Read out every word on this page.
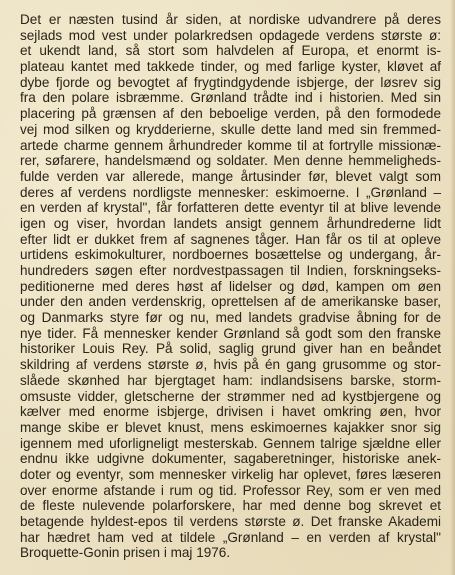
Det er næsten tusind år siden, at nordiske udvandrere på deres
sejlads mod vest under polarkredsen opdagede verdens største ø:
et ukendt land, så stort som halvdelen af Europa, et enormt is-
plateau kantet med takkede tinder, og med farlige kyster, kløvet af
dybe fjorde og bevogtet af frygtindgydende isbjerge, der løsrev sig
fra den polare isbræmme. Grønland trådte ind i historien. Med sin
placering på grænsen af den beboelige verden, på den formodede
vej mod silken og krydderierne, skulle dette land med sin fremmed-
artede charme gennem århundreder komme til at fortrylle missionæ-
rer, søfarere, handelsmænd og soldater. Men denne hemmeligheds-
fulde verden var allerede, mange årtusinder før, blevet valgt som
deres af verdens nordligste mennesker: eskimoerne. I „Grønland –
en verden af krystal", får forfatteren dette eventyr til at blive levende
igen og viser, hvordan landets ansigt gennem århundrederne lidt
efter lidt er dukket frem af sagnenes tåger. Han får os til at opleve
urtidens eskimokulturer, nordboernes bosættelse og undergang, år-
hundreders søgen efter nordvestpassagen til Indien, forskningseks-
peditionerne med deres høst af lidelser og død, kampen om øen
under den anden verdenskrig, oprettelsen af de amerikanske baser,
og Danmarks styre før og nu, med landets gradvise åbning for de
nye tider. Få mennesker kender Grønland så godt som den franske
historiker Louis Rey. På solid, saglig grund giver han en beåndet
skildring af verdens største ø, hvis på én gang grusomme og stor-
slåede skønhed har bjergtaget ham: indlandsisens barske, storm-
omsuste vidder, gletscherne der strømmer ned ad kystbjergene og
kælver med enorme isbjerge, drivisen i havet omkring øen, hvor
mange skibe er blevet knust, mens eskimoernes kajakker snor sig
igennem med uforligneligt mesterskab. Gennem talrige sjældne eller
endnu ikke udgivne dokumenter, sagaberetninger, historiske anek-
doter og eventyr, som mennesker virkelig har oplevet, føres læseren
over enorme afstande i rum og tid. Professor Rey, som er ven med
de fleste nulevende polarforskere, har med denne bog skrevet et
betagende hyldest-epos til verdens største ø. Det franske Akademi
har hædret ham ved at tildele „Grønland – en verden af krystal"
Broquette-Gonin prisen i maj 1976.
